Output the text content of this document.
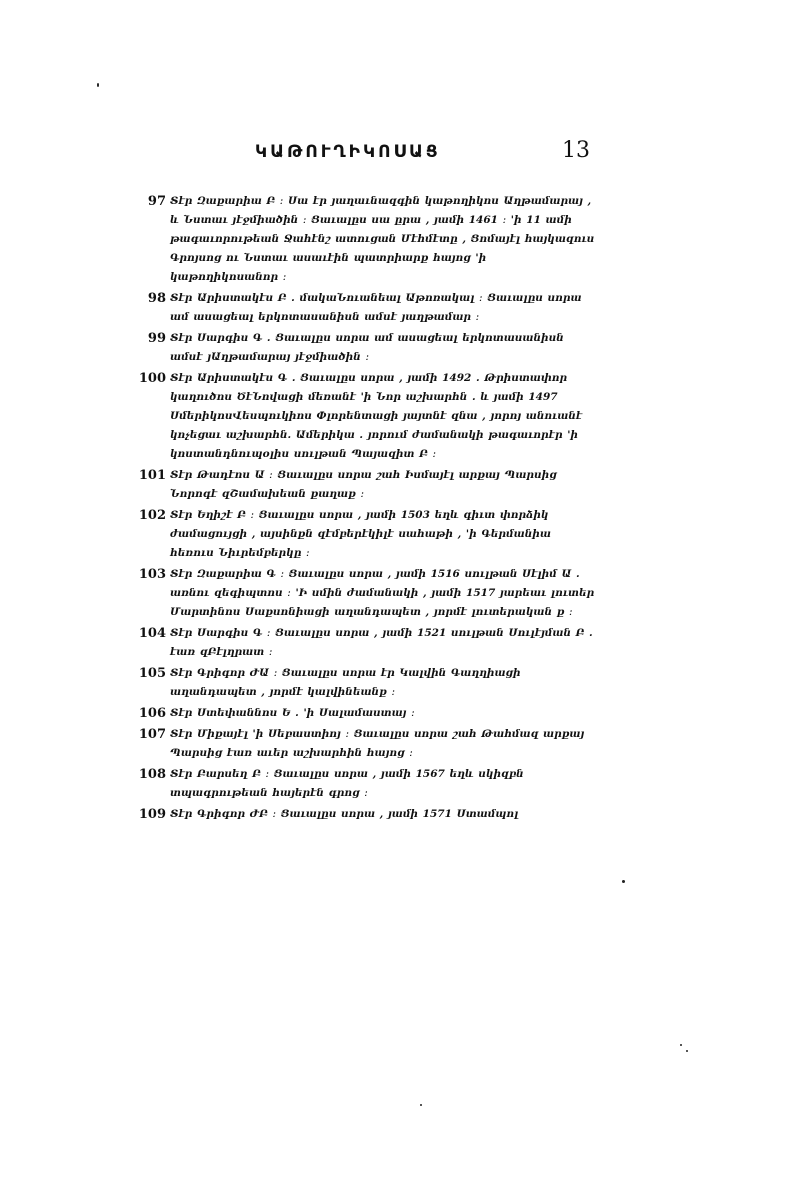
ԿԱԹՈՒՂԻԿՈՍԱՑ	13
97 Տէր Զաքարիա Բ ։ Սա էր յաղաւնազգին կաթողիկոս Աղթամարայ , և Նստաւ յէջմիածին ։ Ցաւալըս սա ըրա , յամի 1461 ։ 'ի 11 ամի թագաւորութեան Ջահէնշ ատուցան Մէհմէտը , Ցոմայէլ հայկազուս Գրոյսոց ու Նստաւ ասաւէին պատրիարք հայոց 'ի կաթողիկոսանոր ։
98 Տէր Արիստակէս Բ ․ մակաՆուանեալ Աթոռակալ ։ Ցաւալըս սորա ամ ասացեալ երկոտասանիսն ամսէ յաղթամար ։
99 Տէր Սարգիս Գ ․ Ցաւալըս սորա ամ ասացեալ երկոտասանիսն ամսէ յԱղթամարայ յէջմիածին ։
100 Տէր Արիստակէս Գ ․ Ցաւալըս սորա , յամի 1492 ․ Թրիստափոր կաղուծոս ԾէՆովացի մեռանէ 'ի Նոր աշխարհն ․ և յամի 1497 ՍմերիկոսՎեսպուկիոս Փլորենտացի յայտնէ զնա , յորոյ անուանէ կոչեցաւ աշխարհն․ Ամերիկա ․ յորում ժամանակի թագաւորէր 'ի կոստանդնուպօլիս սուլթան Պայազիտ Բ ։
101 Տէր Թադէոս Ա ։ Ցաւալըս սորա շահ Իսմայէլ արքայ Պարսից Նորոգէ զՇամախեան քաղաք ։
102 Տէր Եղիշէ Բ ։ Ցաւալըս սորա , յամի 1503 եղև գիւտ փորձիկ ժամացույցի , այսինքն զէմբերէկիլէ սահաթի , 'ի Գերմանիա հեռուս Նիւրեմբերկը ։
103 Տէր Զաքարիա Գ ։ Ցաւալըս սորա , յամի 1516 սուլթան Սէլիմ Ա ․ առնու զեգիպտոս ։ 'Ի սմին ժամանակի , յամի 1517 յարեաւ լուտեր Մարտինոս Սաքսոնիացի աղանդապետ , յորմէ լուտերական ք ։
104 Տէր Սարգիս Գ ։ Ցաւալըս սորա , յամի 1521 սուլթան Սուլէյման Բ ․ էառ զԲէլղրատ ։
105 Տէր Գրիգոր ԺԱ ։ Ցաւալըս սորա էր Կալվին Գաղղիացի աղանդապետ , յորմէ կալվինեանք ։
106 Տէր Ստեփաննոս Ե ․ 'ի Սալամաստայ ։
107 Տէր Միքայէլ 'ի Սեբաստիոյ ։ Ցաւալըս սորա շահ Թահմազ արքայ Պարսից էառ աւեր աշխարհին հայոց ։
108 Տէր Բարսեղ Բ ։ Ցաւալըս սորա , յամի 1567 եղև սկիզբն տպագրութեան հայերէն գրոց ։
109 Տէր Գրիգոր ԺԲ ։ Ցաւալըս սորա , յամի 1571 Ստամպոլ
